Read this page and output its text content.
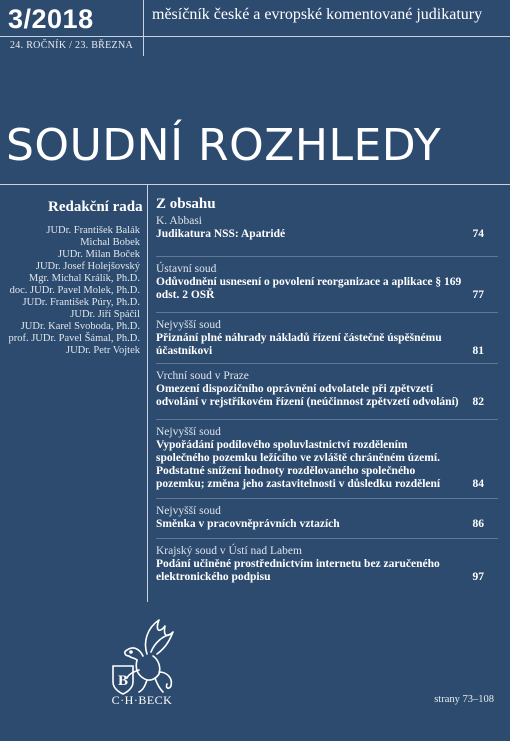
3/2018
24. ROČNÍK / 23. BŘEZNA
měsíčník české a evropské komentované judikatury
SOUDNÍ ROZHLEDY
Redakční rada
JUDr. František Balák
Michal Bobek
JUDr. Milan Boček
JUDr. Josef Holejšovský
Mgr. Michal Králík, Ph.D.
doc. JUDr. Pavel Molek, Ph.D.
JUDr. František Púry, Ph.D.
JUDr. Jiří Spáčil
JUDr. Karel Svoboda, Ph.D.
prof. JUDr. Pavel Šámal, Ph.D.
JUDr. Petr Vojtek
Z obsahu
K. Abbasi
Judikatura NSS: Apatridé	74
Ústavní soud
Odůvodnění usnesení o povolení reorganizace a aplikace § 169 odst. 2 OSŘ	77
Nejvyšší soud
Přiznání plné náhrady nákladů řízení částečně úspěšnému účastníkovi	81
Vrchní soud v Praze
Omezení dispozičního oprávnění odvolatele při zpětvzetí odvolání v rejstříkovém řízení (neúčinnost zpětvzetí odvolání) 82
Nejvyšší soud
Vypořádání podílového spoluvlastnictví rozdělením společného pozemku ležícího ve zvláště chráněném území. Podstatné snížení hodnoty rozdělovaného společného pozemku; změna jeho zastavitelnosti v důsledku rozdělení	84
Nejvyšší soud
Směnka v pracovněprávních vztazích	86
Krajský soud v Ústí nad Labem
Podání učiněné prostřednictvím internetu bez zaručeného elektronického podpisu	97
B
C·H·BECK	strany 73–108
